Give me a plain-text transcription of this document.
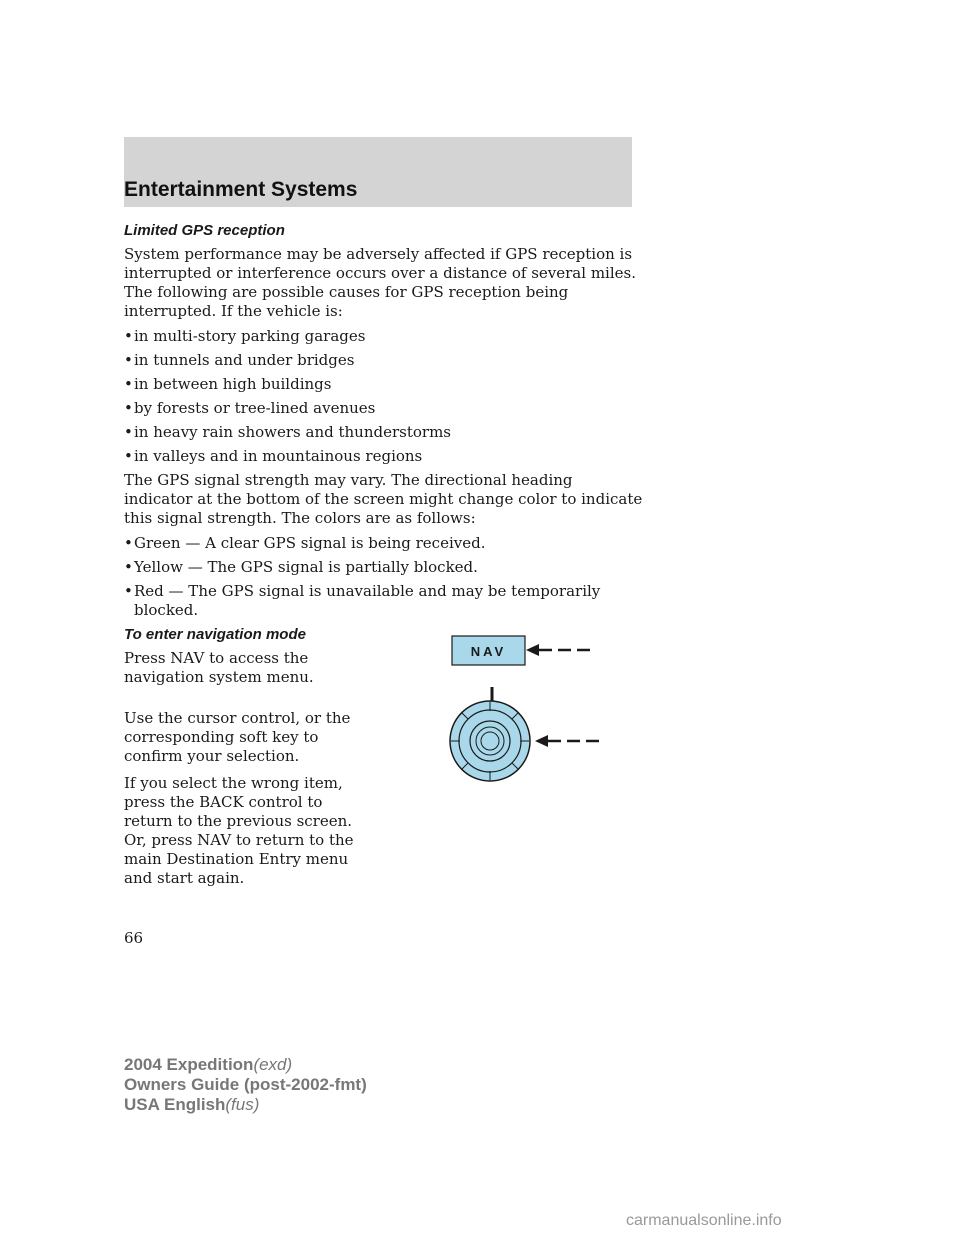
Entertainment Systems
Limited GPS reception

System performance may be adversely affected if GPS reception is interrupted or interference occurs over a distance of several miles. The following are possible causes for GPS reception being interrupted. If the vehicle is:

• in multi-story parking garages
• in tunnels and under bridges
• in between high buildings
• by forests or tree-lined avenues
• in heavy rain showers and thunderstorms
• in valleys and in mountainous regions

The GPS signal strength may vary. The directional heading indicator at the bottom of the screen might change color to indicate this signal strength. The colors are as follows:

• Green — A clear GPS signal is being received.
• Yellow — The GPS signal is partially blocked.
• Red — The GPS signal is unavailable and may be temporarily blocked.
To enter navigation mode

Press NAV to access the navigation system menu.

Use the cursor control, or the corresponding soft key to confirm your selection.

If you select the wrong item, press the BACK control to return to the previous screen. Or, press NAV to return to the main Destination Entry menu and start again.

NAV
66
2004 Expedition(exd)
Owners Guide (post-2002-fmt)
USA English(fus)
carmanualsonline.info
